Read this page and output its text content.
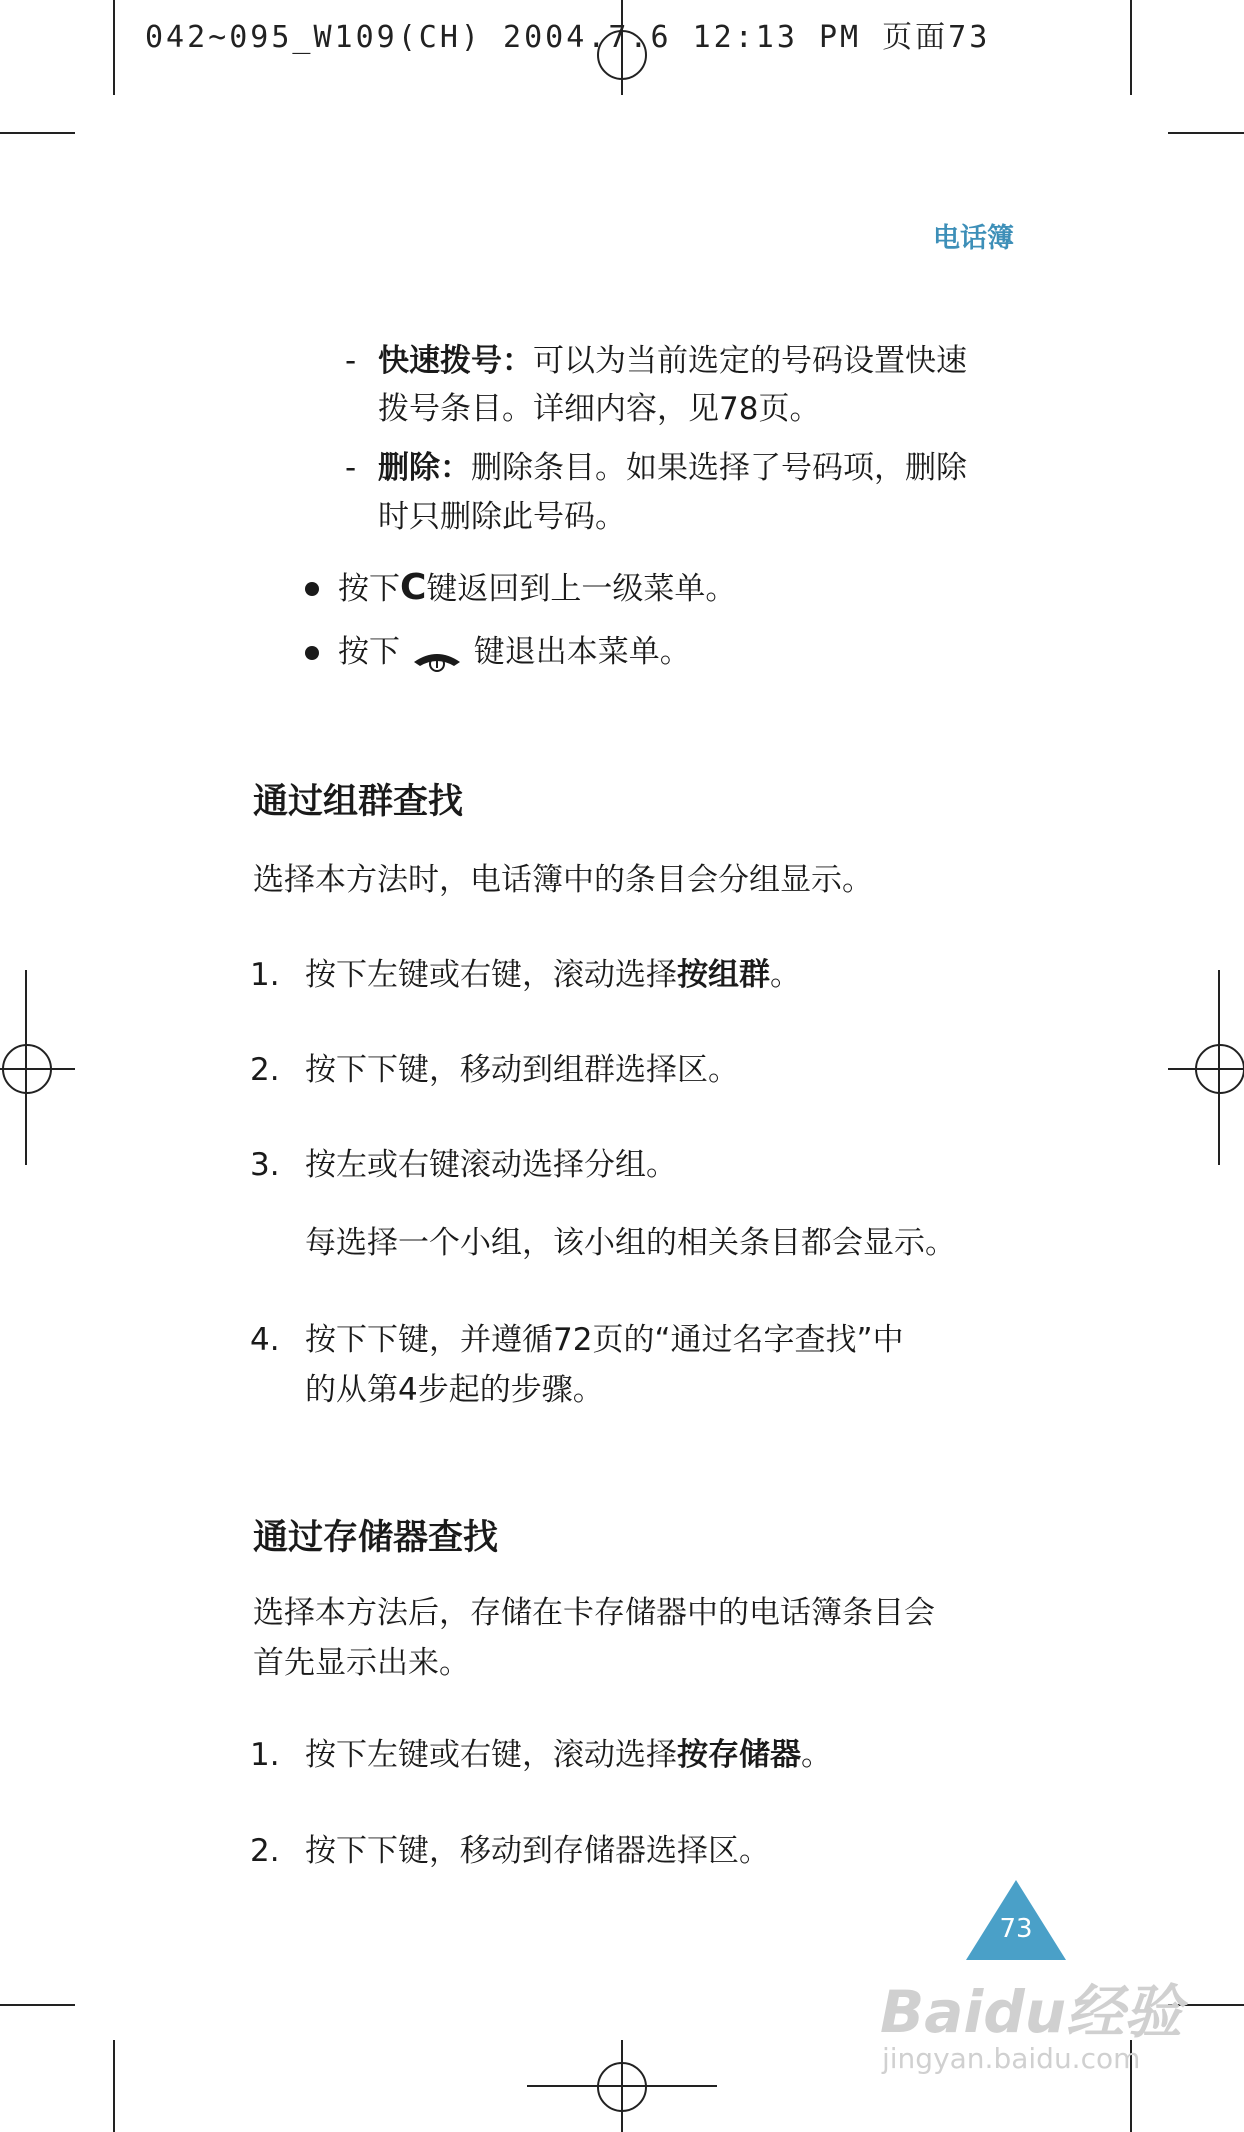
042~095_W109(CH) 2004.7.6 12:13 PM 页面73
电话簿
- 快速拨号：可以为当前选定的号码设置快速
拨号条目。详细内容，见78页。
- 删除：删除条目。如果选择了号码项，删除
时只删除此号码。
按下C键返回到上一级菜单。
按下 键退出本菜单。
通过组群查找
选择本方法时，电话簿中的条目会分组显示。
1. 按下左键或右键，滚动选择按组群。
2. 按下下键，移动到组群选择区。
3. 按左或右键滚动选择分组。
每选择一个小组，该小组的相关条目都会显示。
4. 按下下键，并遵循72页的“通过名字查找”中
的从第4步起的步骤。
通过存储器查找
选择本方法后，存储在卡存储器中的电话簿条目会
首先显示出来。
1. 按下左键或右键，滚动选择按存储器。
2. 按下下键，移动到存储器选择区。
73
Baidu经验
jingyan.baidu.com
